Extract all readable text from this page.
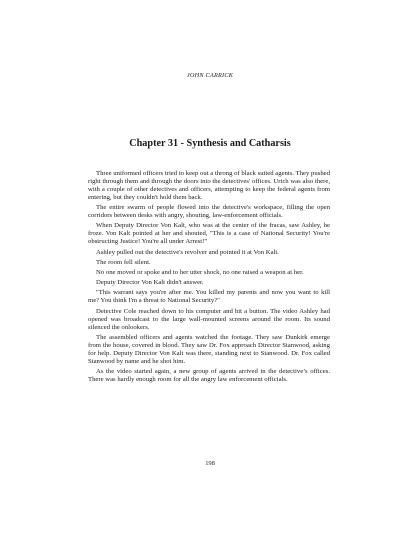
JOHN CARRICK
Chapter 31 - Synthesis and Catharsis

Three uniformed officers tried to keep out a throng of black suited agents. They pushed right through them and through the doors into the detectives' offices. Urich was also there, with a couple of other detectives and officers, attempting to keep the federal agents from entering, but they couldn't hold them back.

The entire swarm of people flowed into the detective's workspace, filling the open corridors between desks with angry, shouting, law-enforcement officials.

When Deputy Director Von Kalt, who was at the center of the fracas, saw Ashley, he froze. Von Kalt pointed at her and shouted, "This is a case of National Security! You're obstructing Justice! You're all under Arrest!"

Ashley pulled out the detective's revolver and pointed it at Von Kalt.

The room fell silent.

No one moved or spoke and to her utter shock, no one raised a weapon at her.

Deputy Director Von Kalt didn't answer.

"This warrant says you're after me. You killed my parents and now you want to kill me? You think I'm a threat to National Security?"

Detective Cole reached down to his computer and hit a button. The video Ashley had opened was broadcast to the large wall-mounted screens around the room. Its sound silenced the onlookers.

The assembled officers and agents watched the footage. They saw Dunkirk emerge from the house, covered in blood. They saw Dr. Fox approach Director Stanwood, asking for help. Deputy Director Von Kalt was there, standing next to Stanwood. Dr. Fox called Stanwood by name and he shot him.

As the video started again, a new group of agents arrived in the detective’s offices. There was hardly enough room for all the angry law enforcement officials.

198
